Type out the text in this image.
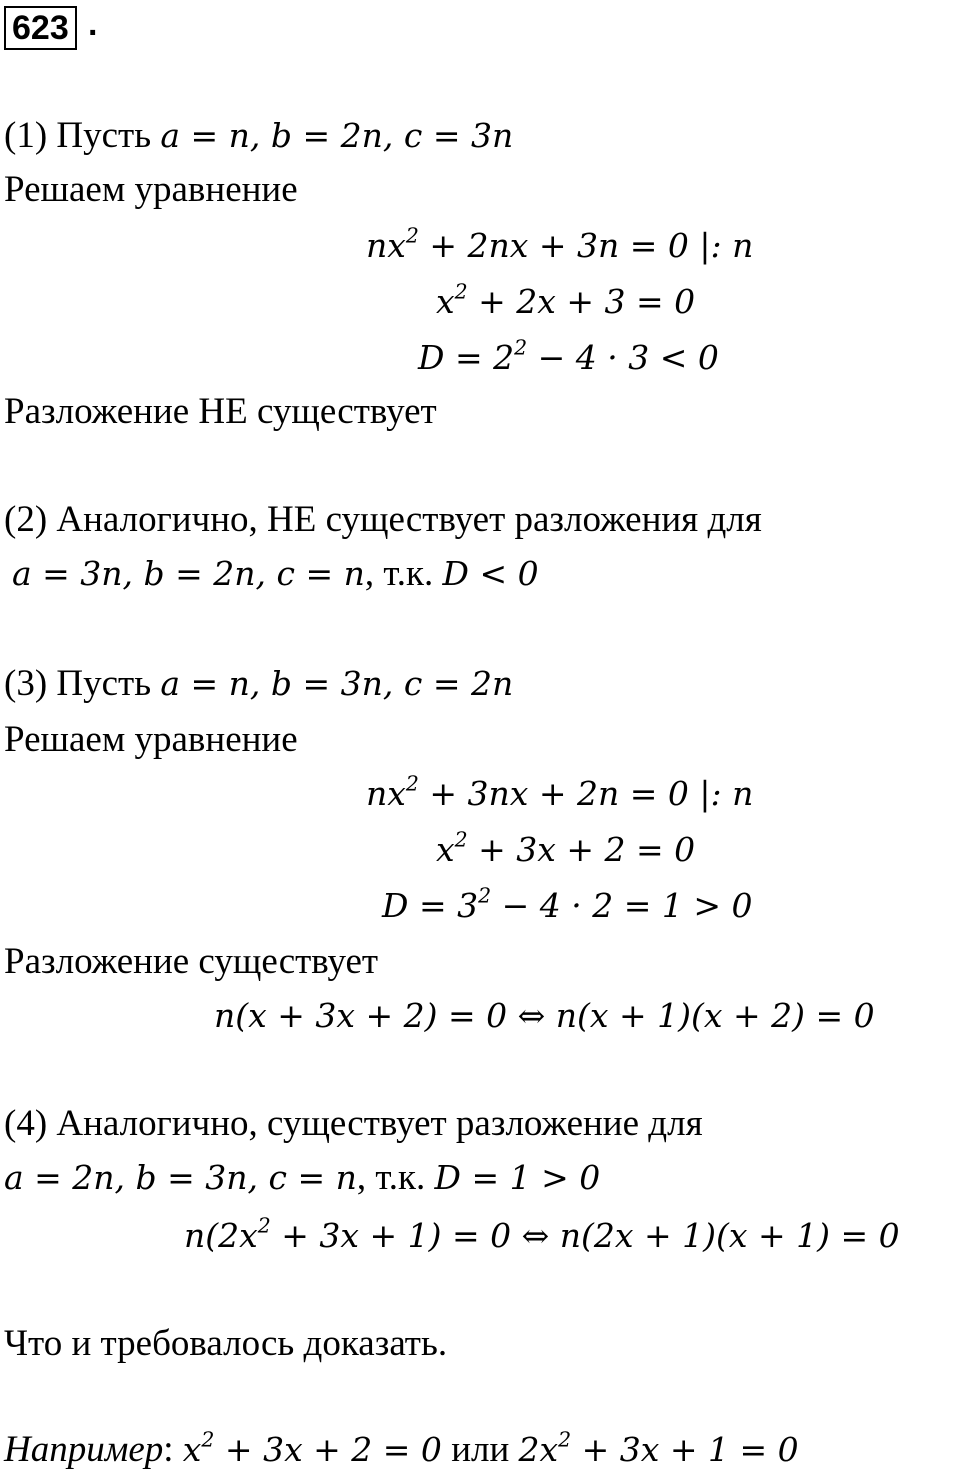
623 .
(1) Пусть a = n, b = 2n, c = 3n
Решаем уравнение
$nx^2 + 2nx + 3n = 0$ |: n
$x^2 + 2x + 3 = 0$
$D = 2^2 - 4 \cdot 3 < 0$
Разложение НЕ существует
(2) Аналогично, НЕ существует разложения для
a = 3n, b = 2n, c = n, т.к. D < 0
(3) Пусть a = n, b = 3n, c = 2n
Решаем уравнение
$nx^2 + 3nx + 2n = 0$ |: n
$x^2 + 3x + 2 = 0$
$D = 3^2 - 4 \cdot 2 = 1 > 0$
Разложение существует
n(x + 3x + 2) = 0 ⇔ n(x + 1)(x + 2) = 0
(4) Аналогично, существует разложение для
a = 2n, b = 3n, c = n, т.к. D = 1 > 0
$n(2x^2 + 3x + 1) = 0$ ⇔ n(2x + 1)(x + 1) = 0
Что и требовалось доказать.
Например: $x^2 + 3x + 2 = 0$ или $2x^2 + 3x + 1 = 0$
